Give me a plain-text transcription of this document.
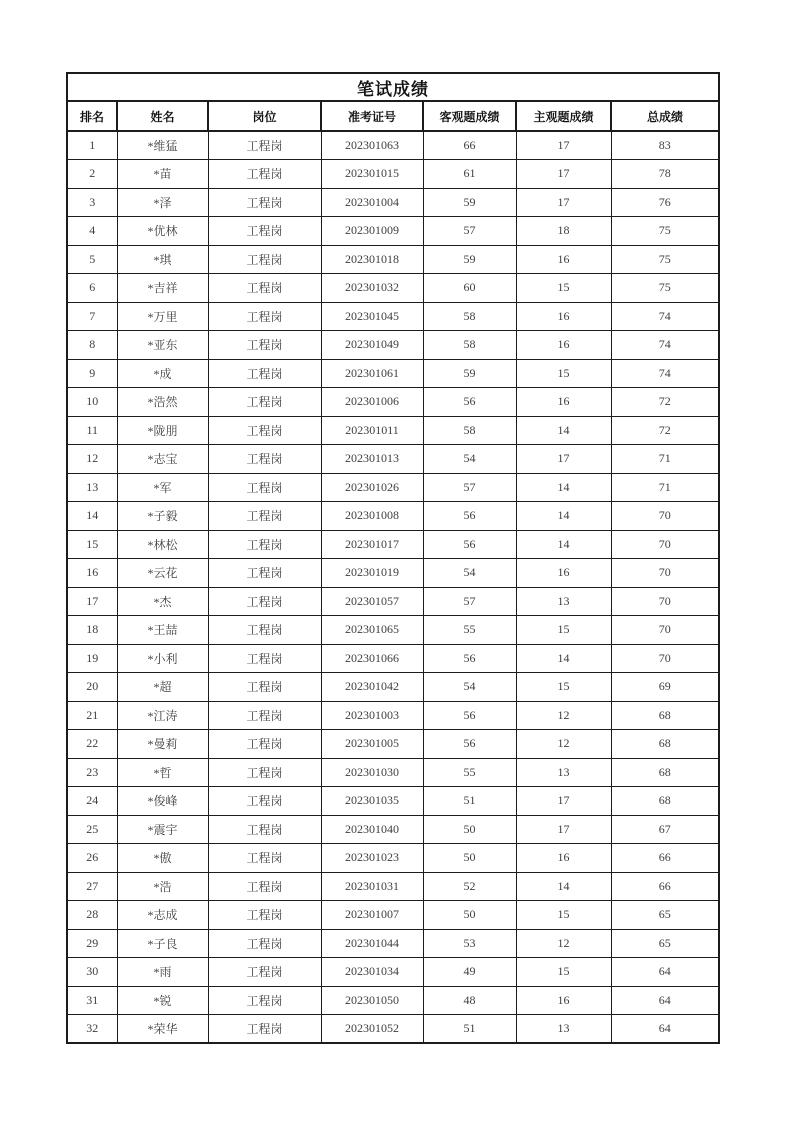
笔试成绩						
排名	姓名	岗位	准考证号	客观题成绩	主观题成绩	总成绩
1	*维猛	工程岗	202301063	66	17	83
2	*苗	工程岗	202301015	61	17	78
3	*泽	工程岗	202301004	59	17	76
4	*优林	工程岗	202301009	57	18	75
5	*琪	工程岗	202301018	59	16	75
6	*吉祥	工程岗	202301032	60	15	75
7	*万里	工程岗	202301045	58	16	74
8	*亚东	工程岗	202301049	58	16	74
9	*成	工程岗	202301061	59	15	74
10	*浩然	工程岗	202301006	56	16	72
11	*陇朋	工程岗	202301011	58	14	72
12	*志宝	工程岗	202301013	54	17	71
13	*军	工程岗	202301026	57	14	71
14	*子毅	工程岗	202301008	56	14	70
15	*林松	工程岗	202301017	56	14	70
16	*云花	工程岗	202301019	54	16	70
17	*杰	工程岗	202301057	57	13	70
18	*王喆	工程岗	202301065	55	15	70
19	*小利	工程岗	202301066	56	14	70
20	*超	工程岗	202301042	54	15	69
21	*江涛	工程岗	202301003	56	12	68
22	*曼莉	工程岗	202301005	56	12	68
23	*哲	工程岗	202301030	55	13	68
24	*俊峰	工程岗	202301035	51	17	68
25	*震宇	工程岗	202301040	50	17	67
26	*傲	工程岗	202301023	50	16	66
27	*浩	工程岗	202301031	52	14	66
28	*志成	工程岗	202301007	50	15	65
29	*子良	工程岗	202301044	53	12	65
30	*雨	工程岗	202301034	49	15	64
31	*锐	工程岗	202301050	48	16	64
32	*荣华	工程岗	202301052	51	13	64
